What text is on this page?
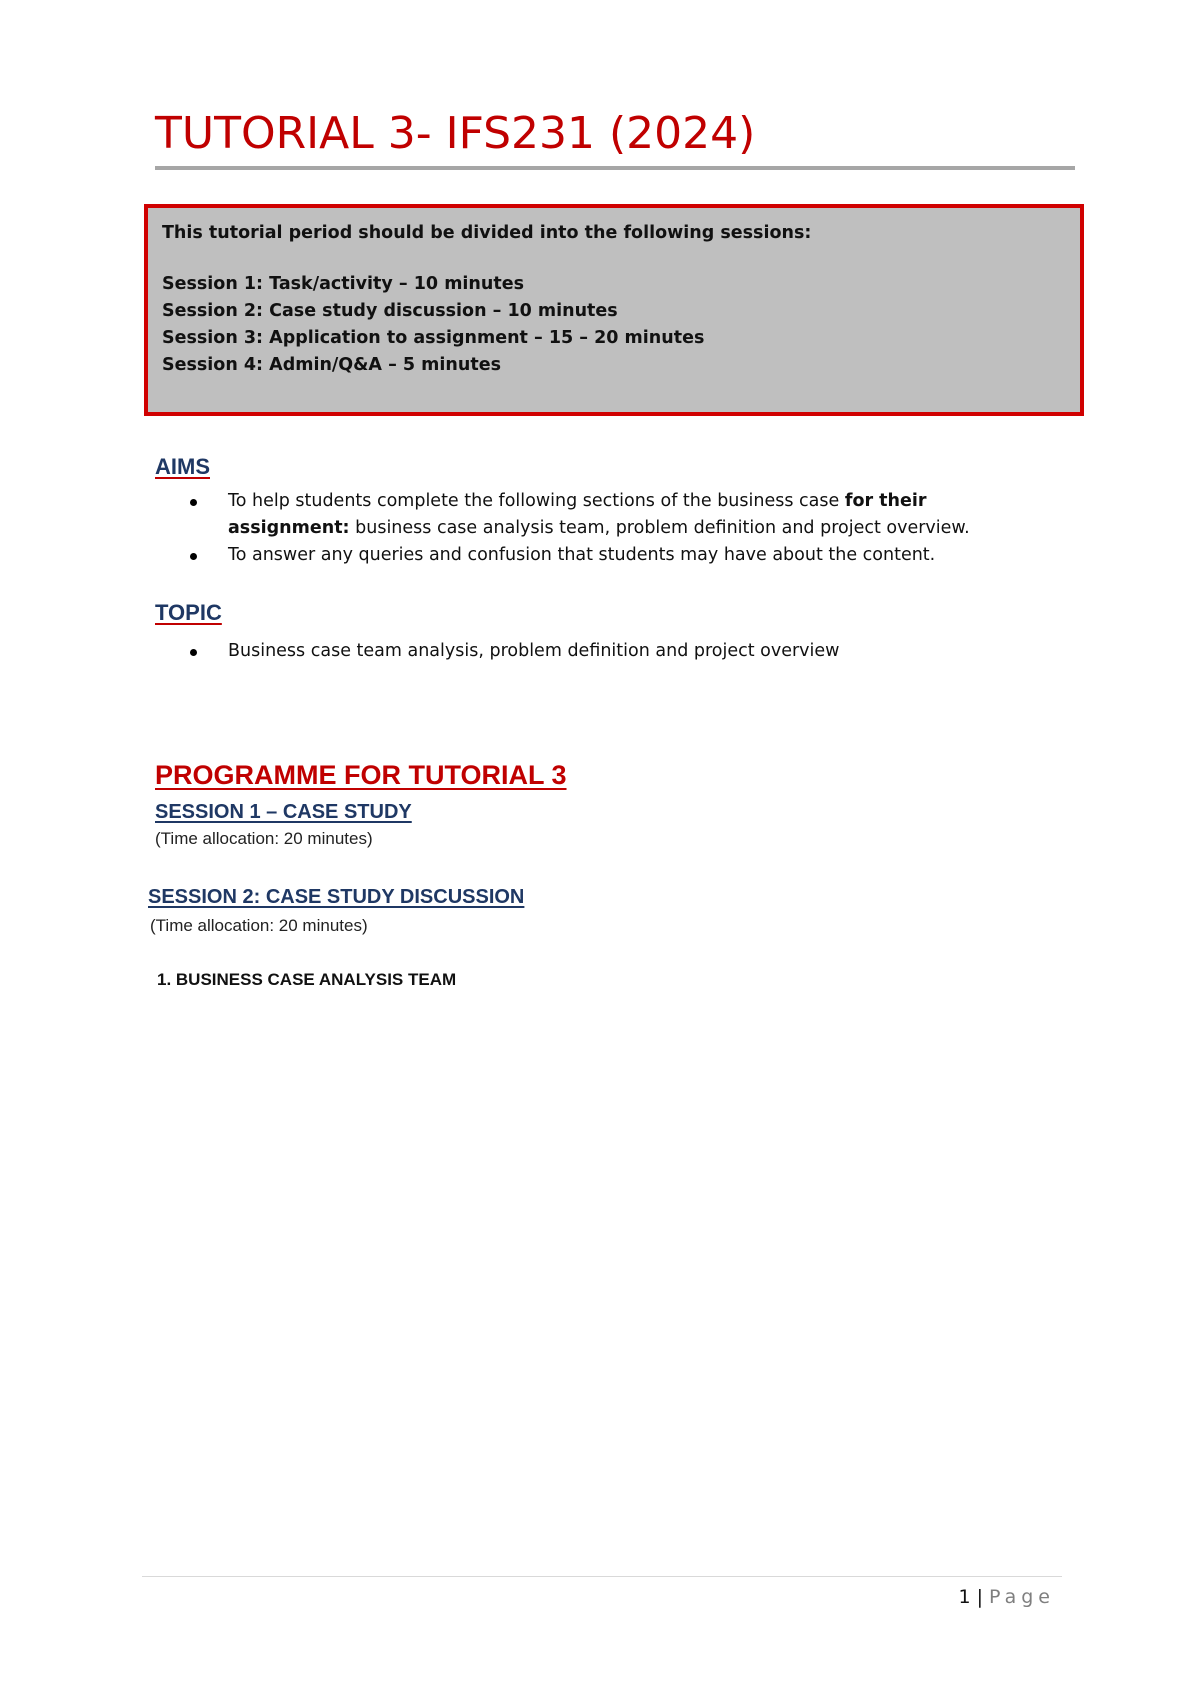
TUTORIAL 3- IFS231 (2024)

This tutorial period should be divided into the following sessions:

Session 1: Task/activity – 10 minutes

Session 2: Case study discussion – 10 minutes

Session 3: Application to assignment – 15 – 20 minutes

Session 4: Admin/Q&A – 5 minutes

AIMS
To help students complete the following sections of the business case for their assignment: business case analysis team, problem definition and project overview.
To answer any queries and confusion that students may have about the content.
TOPIC
Business case team analysis, problem definition and project overview
PROGRAMME FOR TUTORIAL 3
SESSION 1 – CASE STUDY

(Time allocation: 20 minutes)

SESSION 2: CASE STUDY DISCUSSION

(Time allocation: 20 minutes)

1. BUSINESS CASE ANALYSIS TEAM

1 | Page
